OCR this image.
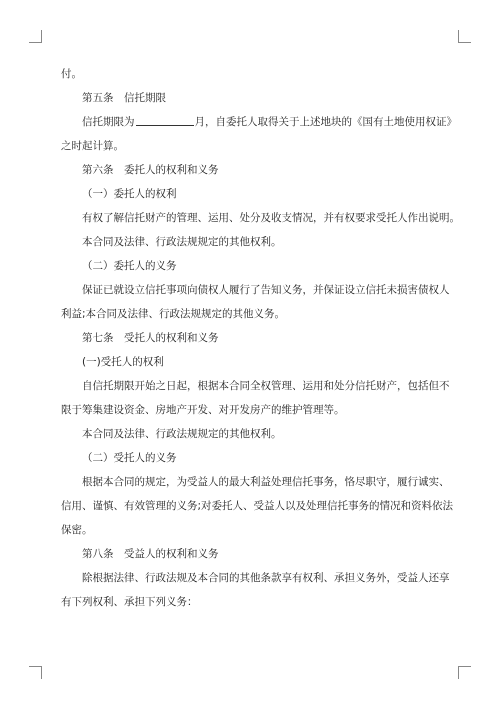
付。

第五条　信托期限

信托期限为	月，自委托人取得关于上述地块的《国有土地使用权证》

之时起计算。

第六条　委托人的权利和义务

（一）委托人的权利

有权了解信托财产的管理、运用、处分及收支情况，并有权要求受托人作出说明。

本合同及法律、行政法规规定的其他权利。

（二）委托人的义务

保证已就设立信托事项向债权人履行了告知义务，并保证设立信托未损害债权人

利益;本合同及法律、行政法规规定的其他义务。

第七条　受托人的权利和义务

(一)受托人的权利

自信托期限开始之日起，根据本合同全权管理、运用和处分信托财产，包括但不

限于筹集建设资金、房地产开发、对开发房产的维护管理等。

本合同及法律、行政法规规定的其他权利。

（二）受托人的义务

根据本合同的规定，为受益人的最大利益处理信托事务，恪尽职守，履行诚实、

信用、谨慎、有效管理的义务;对委托人、受益人以及处理信托事务的情况和资料依法

保密。

第八条　受益人的权利和义务

除根据法律、行政法规及本合同的其他条款享有权利、承担义务外，受益人还享

有下列权利、承担下列义务：
